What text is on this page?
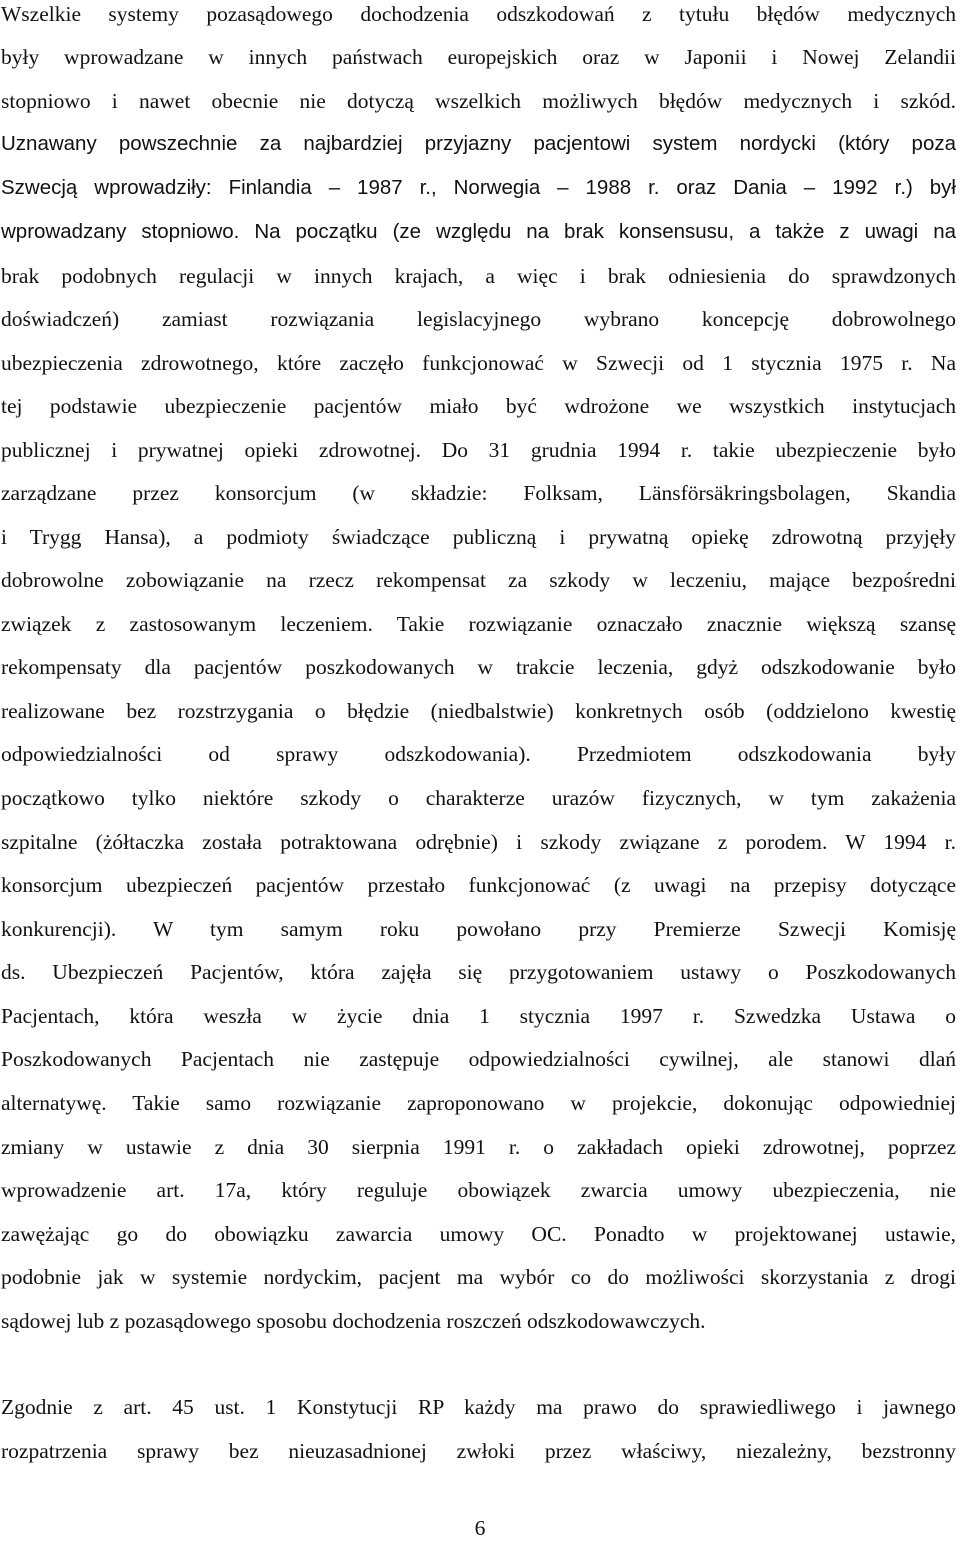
Wszelkie systemy pozasądowego dochodzenia odszkodowań z tytułu błędów medycznych
były wprowadzane w innych państwach europejskich oraz w Japonii i Nowej Zelandii
stopniowo i nawet obecnie nie dotyczą wszelkich możliwych błędów medycznych i szkód.
Uznawany powszechnie za najbardziej przyjazny pacjentowi system nordycki (który poza
Szwecją wprowadziły: Finlandia – 1987 r., Norwegia – 1988 r. oraz Dania – 1992 r.) był
wprowadzany stopniowo. Na początku (ze względu na brak konsensusu, a także z uwagi na
brak podobnych regulacji w innych krajach, a więc i brak odniesienia do sprawdzonych
doświadczeń) zamiast rozwiązania legislacyjnego wybrano koncepcję dobrowolnego
ubezpieczenia zdrowotnego, które zaczęło funkcjonować w Szwecji od 1 stycznia 1975 r. Na
tej podstawie ubezpieczenie pacjentów miało być wdrożone we wszystkich instytucjach
publicznej i prywatnej opieki zdrowotnej. Do 31 grudnia 1994 r. takie ubezpieczenie było
zarządzane przez konsorcjum (w składzie: Folksam, Länsförsäkringsbolagen, Skandia
i Trygg Hansa), a podmioty świadczące publiczną i prywatną opiekę zdrowotną przyjęły
dobrowolne zobowiązanie na rzecz rekompensat za szkody w leczeniu, mające bezpośredni
związek z zastosowanym leczeniem. Takie rozwiązanie oznaczało znacznie większą szansę
rekompensaty dla pacjentów poszkodowanych w trakcie leczenia, gdyż odszkodowanie było
realizowane bez rozstrzygania o błędzie (niedbalstwie) konkretnych osób (oddzielono kwestię
odpowiedzialności od sprawy odszkodowania). Przedmiotem odszkodowania były
początkowo tylko niektóre szkody o charakterze urazów fizycznych, w tym zakażenia
szpitalne (żółtaczka została potraktowana odrębnie) i szkody związane z porodem. W 1994 r.
konsorcjum ubezpieczeń pacjentów przestało funkcjonować (z uwagi na przepisy dotyczące
konkurencji). W tym samym roku powołano przy Premierze Szwecji Komisję
ds. Ubezpieczeń Pacjentów, która zajęła się przygotowaniem ustawy o Poszkodowanych
Pacjentach, która weszła w życie dnia 1 stycznia 1997 r. Szwedzka Ustawa o
Poszkodowanych Pacjentach nie zastępuje odpowiedzialności cywilnej, ale stanowi dlań
alternatywę. Takie samo rozwiązanie zaproponowano w projekcie, dokonując odpowiedniej
zmiany w ustawie z dnia 30 sierpnia 1991 r. o zakładach opieki zdrowotnej, poprzez
wprowadzenie art. 17a, który reguluje obowiązek zwarcia umowy ubezpieczenia, nie
zawężając go do obowiązku zawarcia umowy OC. Ponadto w projektowanej ustawie,
podobnie jak w systemie nordyckim, pacjent ma wybór co do możliwości skorzystania z drogi
sądowej lub z pozasądowego sposobu dochodzenia roszczeń odszkodowawczych.
Zgodnie z art. 45 ust. 1 Konstytucji RP każdy ma prawo do sprawiedliwego i jawnego
rozpatrzenia sprawy bez nieuzasadnionej zwłoki przez właściwy, niezależny, bezstronny
6
